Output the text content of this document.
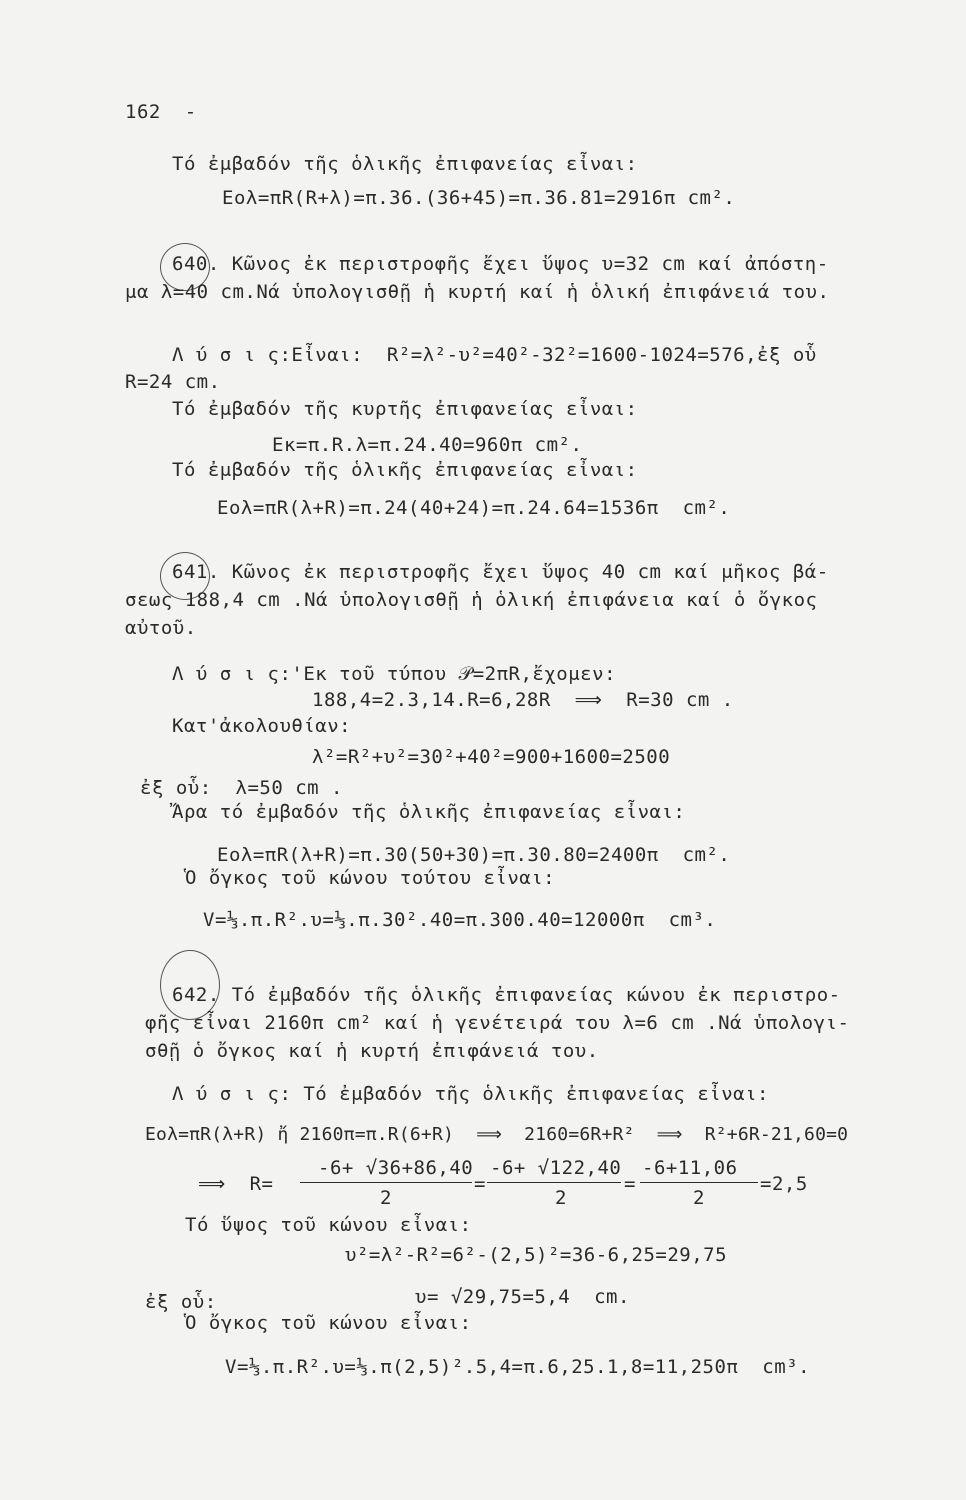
162  -
Τό ἐμβαδόν τῆς ὁλικῆς ἐπιφανείας εἶναι:
Eολ=πR(R+λ)=π.36.(36+45)=π.36.81=2916π cm².
640. Κῶνος ἐκ περιστροφῆς ἔχει ὕψος υ=32 cm καί ἀπόστη-
μα λ=40 cm.Νά ὑπολογισθῇ ἡ κυρτή καί ἡ ὁλική ἐπιφάνειά του.
Λ ύ σ ι ς:Εἶναι:  R²=λ²-υ²=40²-32²=1600-1024=576,ἐξ οὗ
R=24 cm.
Τό ἐμβαδόν τῆς κυρτῆς ἐπιφανείας εἶναι:
Eκ=π.R.λ=π.24.40=960π cm².
Τό ἐμβαδόν τῆς ὁλικῆς ἐπιφανείας εἶναι:
Eολ=πR(λ+R)=π.24(40+24)=π.24.64=1536π  cm².
641. Κῶνος ἐκ περιστροφῆς ἔχει ὕψος 40 cm καί μῆκος βά-
σεως 188,4 cm .Νά ὑπολογισθῇ ἡ ὁλική ἐπιφάνεια καί ὁ ὄγκος
αὐτοῦ.
Λ ύ σ ι ς:'Εκ τοῦ τύπου 𝒫=2πR,ἔχομεν:
188,4=2.3,14.R=6,28R  ⟹  R=30 cm .
Κατ'ἀκολουθίαν:
λ²=R²+υ²=30²+40²=900+1600=2500
ἐξ οὗ:  λ=50 cm .
Ἄρα τό ἐμβαδόν τῆς ὁλικῆς ἐπιφανείας εἶναι:
Eολ=πR(λ+R)=π.30(50+30)=π.30.80=2400π  cm².
Ὁ ὄγκος τοῦ κώνου τούτου εἶναι:
V=⅓.π.R².υ=⅓.π.30².40=π.300.40=12000π  cm³.
642. Τό ἐμβαδόν τῆς ὁλικῆς ἐπιφανείας κώνου ἐκ περιστρο-
φῆς εἶναι 2160π cm² καί ἡ γενέτειρά του λ=6 cm .Νά ὑπολογι-
σθῇ ὁ ὄγκος καί ἡ κυρτή ἐπιφάνειά του.
Λ ύ σ ι ς: Τό ἐμβαδόν τῆς ὁλικῆς ἐπιφανείας εἶναι:
Eολ=πR(λ+R) ἤ 2160π=π.R(6+R)  ⟹  2160=6R+R²  ⟹  R²+6R-21,60=0
⟹  R=
-6+ √36+86,40
2
=
-6+ √122,40
2
=
-6+11,06
2
=2,5
Τό ὕψος τοῦ κώνου εἶναι:
υ²=λ²-R²=6²-(2,5)²=36-6,25=29,75
ἐξ οὗ:	υ= √29,75=5,4  cm.
Ὁ ὄγκος τοῦ κώνου εἶναι:
V=⅓.π.R².υ=⅓.π(2,5)².5,4=π.6,25.1,8=11,250π  cm³.
